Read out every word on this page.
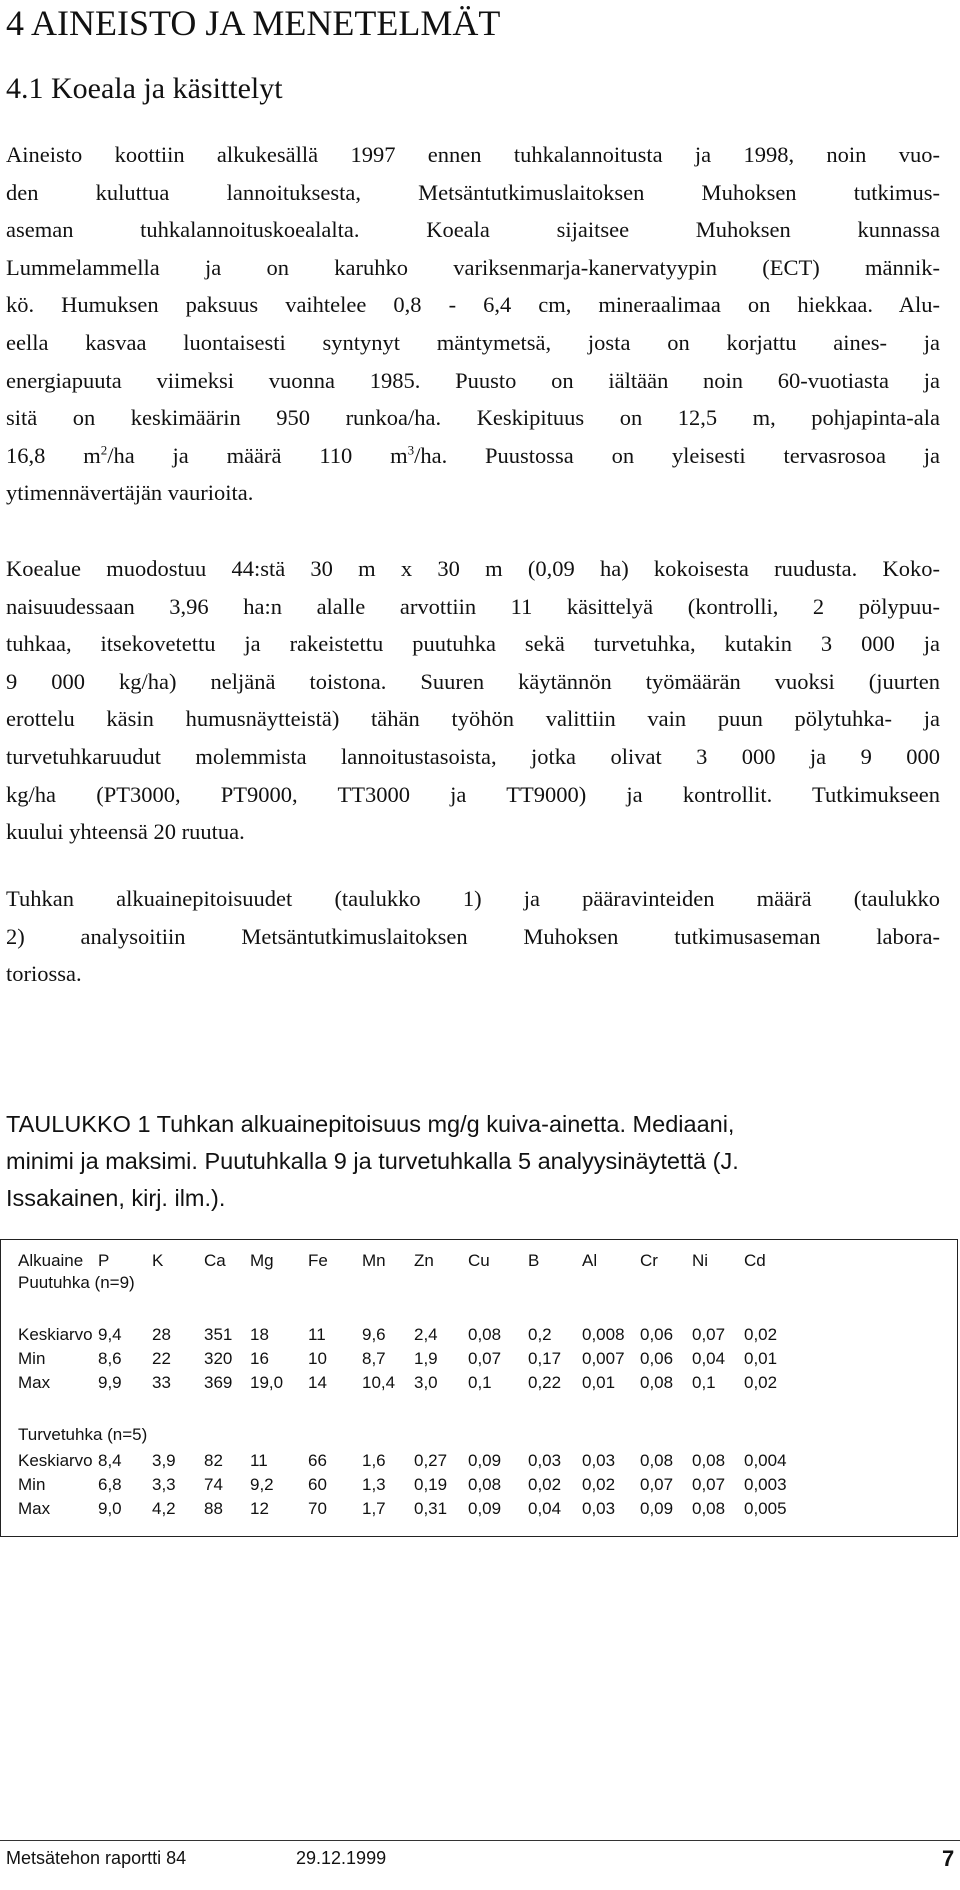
4 AINEISTO JA MENETELMÄT
4.1 Koeala ja käsittelyt
Aineisto koottiin alkukesällä 1997 ennen tuhkalannoitusta ja 1998, noin vuo-
den kuluttua lannoituksesta, Metsäntutkimuslaitoksen Muhoksen tutkimus-
aseman tuhkalannoituskoealalta. Koeala sijaitsee Muhoksen kunnassa
Lummelammella ja on karuhko variksenmarja-kanervatyypin (ECT) männik-
kö. Humuksen paksuus vaihtelee 0,8 - 6,4 cm, mineraalimaa on hiekkaa. Alu-
eella kasvaa luontaisesti syntynyt mäntymetsä, josta on korjattu aines- ja
energiapuuta viimeksi vuonna 1985. Puusto on iältään noin 60-vuotiasta ja
sitä on keskimäärin 950 runkoa/ha. Keskipituus on 12,5 m, pohjapinta-ala
16,8 $m^2/ha$ ja määrä 110 $m^3/ha$. Puustossa on yleisesti tervasrosoa ja
ytimennävertäjän vaurioita.
Koealue muodostuu 44:stä 30 m x 30 m (0,09 ha) kokoisesta ruudusta. Koko-
naisuudessaan 3,96 ha:n alalle arvottiin 11 käsittelyä (kontrolli, 2 pölypuu-
tuhkaa, itsekovetettu ja rakeistettu puutuhka sekä turvetuhka, kutakin 3 000 ja
9 000 kg/ha) neljänä toistona. Suuren käytännön työmäärän vuoksi (juurten
erottelu käsin humusnäytteistä) tähän työhön valittiin vain puun pölytuhka- ja
turvetuhkaruudut molemmista lannoitustasoista, jotka olivat 3 000 ja 9 000
kg/ha (PT3000, PT9000, TT3000 ja TT9000) ja kontrollit. Tutkimukseen
kuului yhteensä 20 ruutua.
Tuhkan alkuainepitoisuudet (taulukko 1) ja pääravinteiden määrä (taulukko
2) analysoitiin Metsäntutkimuslaitoksen Muhoksen tutkimusaseman labora-
toriossa.
TAULUKKO 1 Tuhkan alkuainepitoisuus mg/g kuiva-ainetta. Mediaani,
minimi ja maksimi. Puutuhkalla 9 ja turvetuhkalla 5 analyysinäytettä (J.
Issakainen, kirj. ilm.).
Alkuaine P	K Ca Mg Fe Mn Zn Cu B	Al	Cr Ni Cd
Puutuhka (n=9)
Keskiarvo 9,4 28 351 18 11 9,6 2,4 0,08 0,2 0,008 0,06 0,07 0,02
Min	8,6 22 320 16 10 8,7 1,9 0,07 0,17 0,007 0,06 0,04 0,01
Max	9,9 33 369 19,0 14 10,4 3,0 0,1 0,22 0,01 0,08 0,1 0,02
Turvetuhka (n=5)
Keskiarvo 8,4 3,9 82 11 66 1,6 0,27 0,09 0,03 0,03 0,08 0,08 0,004
Min	6,8 3,3 74 9,2 60 1,3 0,19 0,08 0,02 0,02 0,07 0,07 0,003
Max	9,0 4,2 88 12 70 1,7 0,31 0,09 0,04 0,03 0,09 0,08 0,005
Metsätehon raportti 84	29.12.1999	7
